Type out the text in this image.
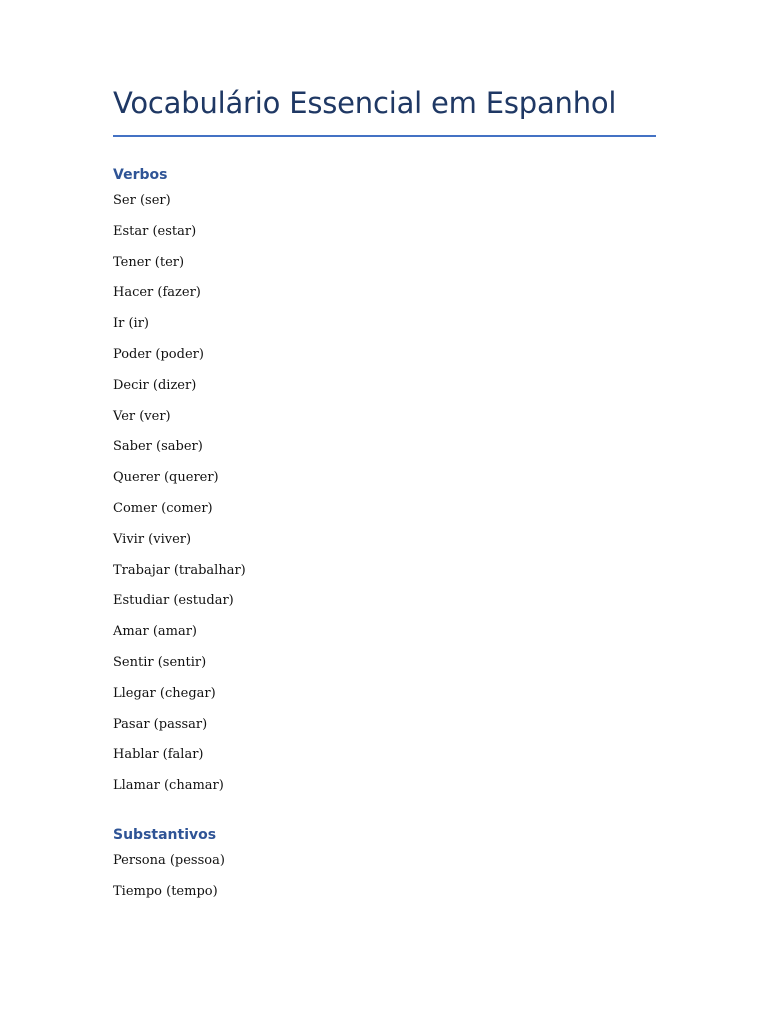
Vocabulário Essencial em Espanhol
Verbos
Ser (ser)
Estar (estar)
Tener (ter)
Hacer (fazer)
Ir (ir)
Poder (poder)
Decir (dizer)
Ver (ver)
Saber (saber)
Querer (querer)
Comer (comer)
Vivir (viver)
Trabajar (trabalhar)
Estudiar (estudar)
Amar (amar)
Sentir (sentir)
Llegar (chegar)
Pasar (passar)
Hablar (falar)
Llamar (chamar)
Substantivos
Persona (pessoa)
Tiempo (tempo)
